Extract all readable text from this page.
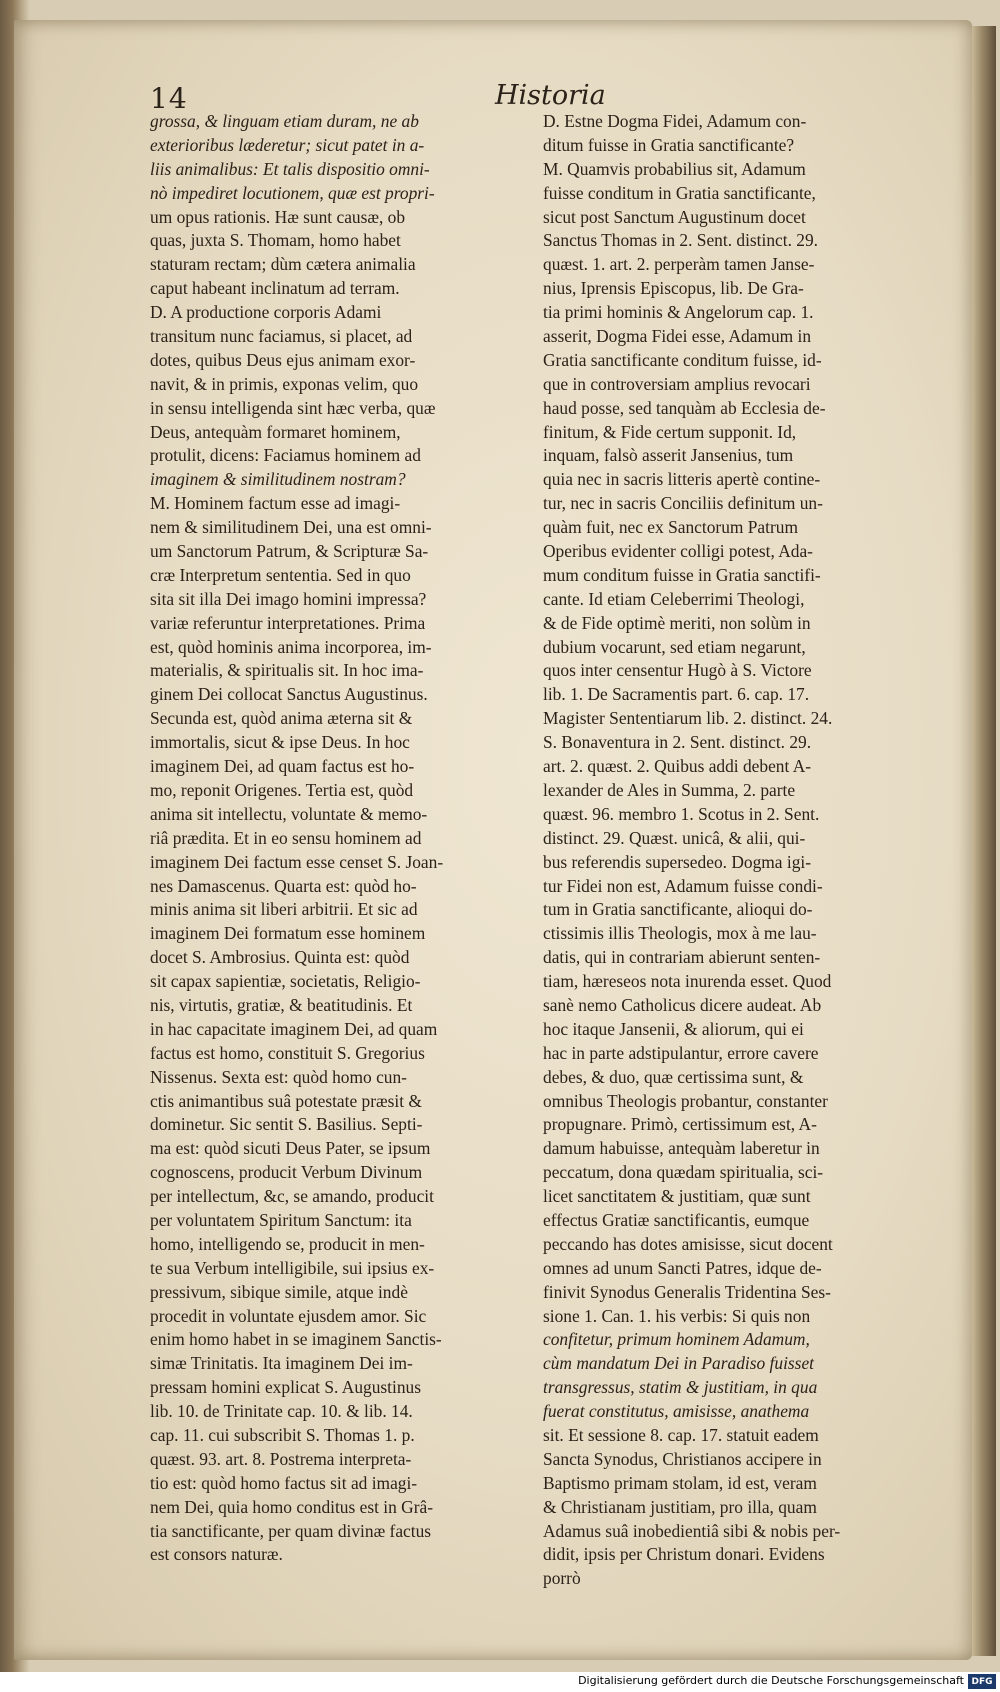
14	Historia
grossa, & linguam etiam duram, ne ab
exterioribus læderetur; sicut patet in a-
liis animalibus: Et talis dispositio omni-
nò impediret locutionem, quæ est propri-
um opus rationis. Hæ sunt causæ, ob
quas, juxta S. Thomam, homo habet
staturam rectam; dùm cætera animalia
caput habeant inclinatum ad terram.
D. A productione corporis Adami
transitum nunc faciamus, si placet, ad
dotes, quibus Deus ejus animam exor-
navit, & in primis, exponas velim, quo
in sensu intelligenda sint hæc verba, quæ
Deus, antequàm formaret hominem,
protulit, dicens: Faciamus hominem ad
imaginem & similitudinem nostram?
M. Hominem factum esse ad imagi-
nem & similitudinem Dei, una est omni-
um Sanctorum Patrum, & Scripturæ Sa-
cræ Interpretum sententia. Sed in quo
sita sit illa Dei imago homini impressa?
variæ referuntur interpretationes. Prima
est, quòd hominis anima incorporea, im-
materialis, & spiritualis sit. In hoc ima-
ginem Dei collocat Sanctus Augustinus.
Secunda est, quòd anima æterna sit &
immortalis, sicut & ipse Deus. In hoc
imaginem Dei, ad quam factus est ho-
mo, reponit Origenes. Tertia est, quòd
anima sit intellectu, voluntate & memo-
riâ prædita. Et in eo sensu hominem ad
imaginem Dei factum esse censet S. Joan-
nes Damascenus. Quarta est: quòd ho-
minis anima sit liberi arbitrii. Et sic ad
imaginem Dei formatum esse hominem
docet S. Ambrosius. Quinta est: quòd
sit capax sapientiæ, societatis, Religio-
nis, virtutis, gratiæ, & beatitudinis. Et
in hac capacitate imaginem Dei, ad quam
factus est homo, constituit S. Gregorius
Nissenus. Sexta est: quòd homo cun-
ctis animantibus suâ potestate præsit &
dominetur. Sic sentit S. Basilius. Septi-
ma est: quòd sicuti Deus Pater, se ipsum
cognoscens, producit Verbum Divinum
per intellectum, &c, se amando, producit
per voluntatem Spiritum Sanctum: ita
homo, intelligendo se, producit in men-
te sua Verbum intelligibile, sui ipsius ex-
pressivum, sibique simile, atque indè
procedit in voluntate ejusdem amor. Sic
enim homo habet in se imaginem Sanctis-
simæ Trinitatis. Ita imaginem Dei im-
pressam homini explicat S. Augustinus
lib. 10. de Trinitate cap. 10. & lib. 14.
cap. 11. cui subscribit S. Thomas 1. p.
quæst. 93. art. 8. Postrema interpreta-
tio est: quòd homo factus sit ad imagi-
nem Dei, quia homo conditus est in Grâ-
tia sanctificante, per quam divinæ factus
est consors naturæ.
D. Estne Dogma Fidei, Adamum con-
ditum fuisse in Gratia sanctificante?
M. Quamvis probabilius sit, Adamum
fuisse conditum in Gratia sanctificante,
sicut post Sanctum Augustinum docet
Sanctus Thomas in 2. Sent. distinct. 29.
quæst. 1. art. 2. perperàm tamen Janse-
nius, Iprensis Episcopus, lib. De Gra-
tia primi hominis & Angelorum cap. 1.
asserit, Dogma Fidei esse, Adamum in
Gratia sanctificante conditum fuisse, id-
que in controversiam amplius revocari
haud posse, sed tanquàm ab Ecclesia de-
finitum, & Fide certum supponit. Id,
inquam, falsò asserit Jansenius, tum
quia nec in sacris litteris apertè contine-
tur, nec in sacris Conciliis definitum un-
quàm fuit, nec ex Sanctorum Patrum
Operibus evidenter colligi potest, Ada-
mum conditum fuisse in Gratia sanctifi-
cante. Id etiam Celeberrimi Theologi,
& de Fide optimè meriti, non solùm in
dubium vocarunt, sed etiam negarunt,
quos inter censentur Hugò à S. Victore
lib. 1. De Sacramentis part. 6. cap. 17.
Magister Sententiarum lib. 2. distinct. 24.
S. Bonaventura in 2. Sent. distinct. 29.
art. 2. quæst. 2. Quibus addi debent A-
lexander de Ales in Summa, 2. parte
quæst. 96. membro 1. Scotus in 2. Sent.
distinct. 29. Quæst. unicâ, & alii, qui-
bus referendis supersedeo. Dogma igi-
tur Fidei non est, Adamum fuisse condi-
tum in Gratia sanctificante, alioqui do-
ctissimis illis Theologis, mox à me lau-
datis, qui in contrariam abierunt senten-
tiam, hæreseos nota inurenda esset. Quod
sanè nemo Catholicus dicere audeat. Ab
hoc itaque Jansenii, & aliorum, qui ei
hac in parte adstipulantur, errore cavere
debes, & duo, quæ certissima sunt, &
omnibus Theologis probantur, constanter
propugnare. Primò, certissimum est, A-
damum habuisse, antequàm laberetur in
peccatum, dona quædam spiritualia, sci-
licet sanctitatem & justitiam, quæ sunt
effectus Gratiæ sanctificantis, eumque
peccando has dotes amisisse, sicut docent
omnes ad unum Sancti Patres, idque de-
finivit Synodus Generalis Tridentina Ses-
sione 1. Can. 1. his verbis: Si quis non
confitetur, primum hominem Adamum,
cùm mandatum Dei in Paradiso fuisset
transgressus, statim & justitiam, in qua
fuerat constitutus, amisisse, anathema
sit. Et sessione 8. cap. 17. statuit eadem
Sancta Synodus, Christianos accipere in
Baptismo primam stolam, id est, veram
& Christianam justitiam, pro illa, quam
Adamus suâ inobedientiâ sibi & nobis per-
didit, ipsis per Christum donari. Evidens
porrò
Digitalisierung gefördert durch die Deutsche Forschungsgemeinschaft DFG
